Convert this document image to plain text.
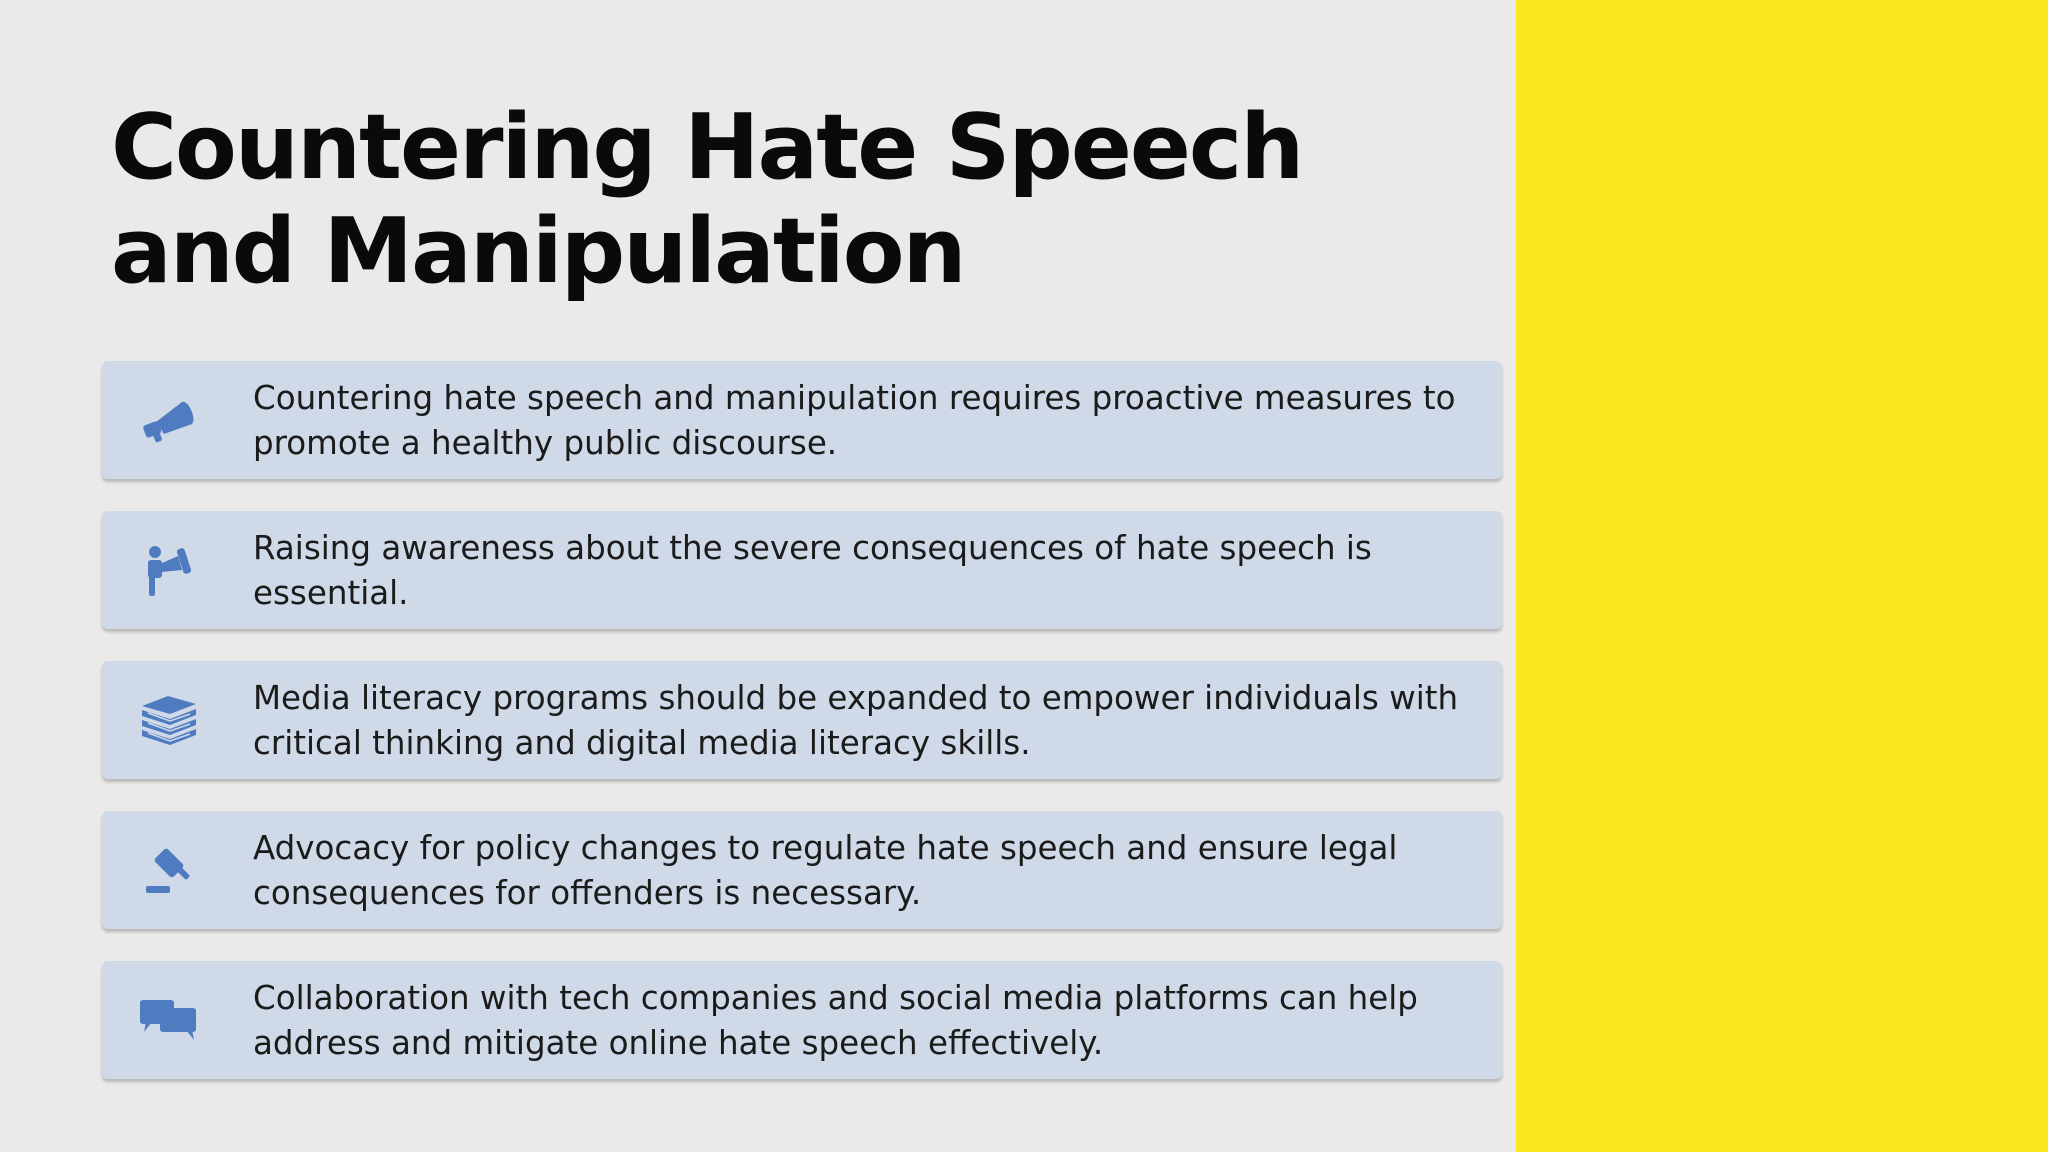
Countering Hate Speech and Manipulation
Countering hate speech and manipulation requires proactive measures to promote a healthy public discourse.
Raising awareness about the severe consequences of hate speech is essential.
Media literacy programs should be expanded to empower individuals with critical thinking and digital media literacy skills.
Advocacy for policy changes to regulate hate speech and ensure legal consequences for offenders is necessary.
Collaboration with tech companies and social media platforms can help address and mitigate online hate speech effectively.
